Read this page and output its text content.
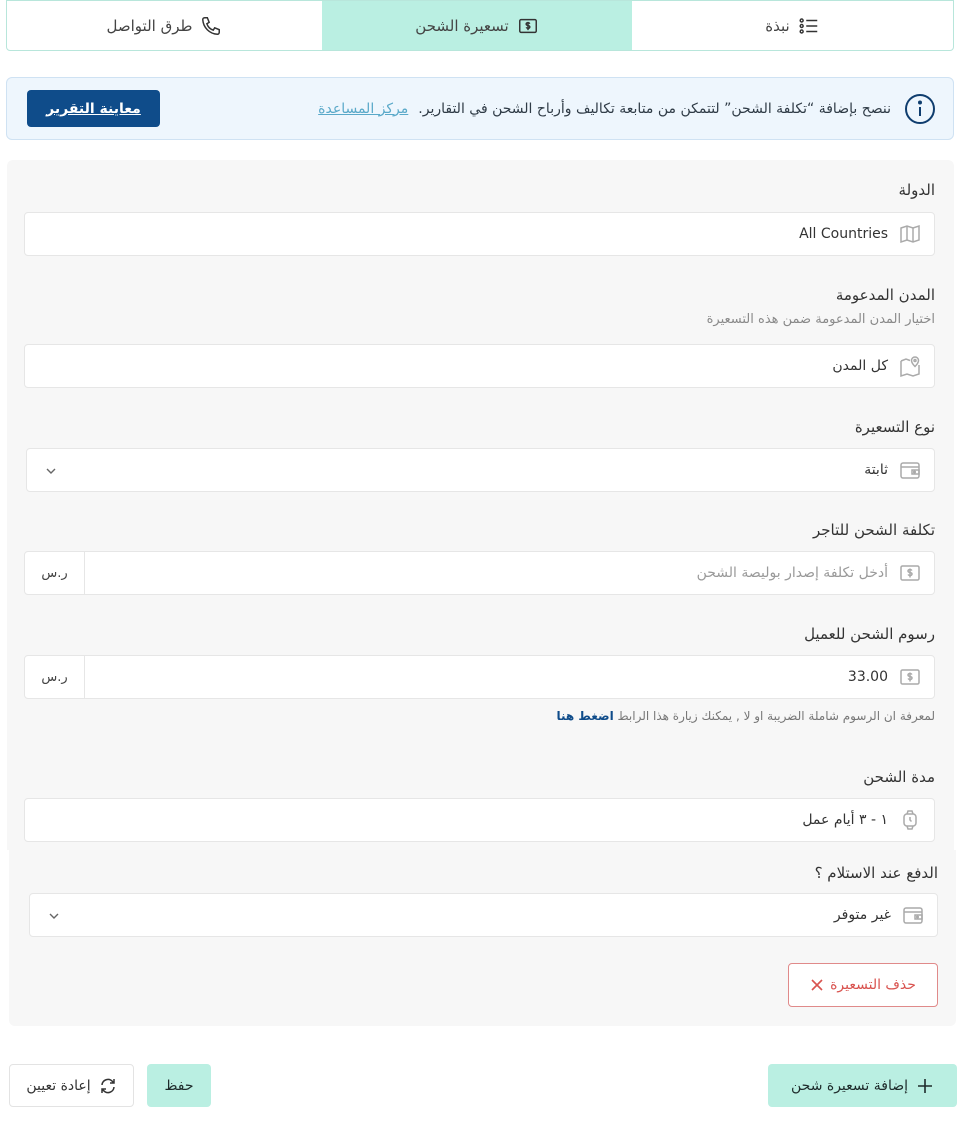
نبذة
تسعيرة الشحن
طرق التواصل
ننصح بإضافة “تكلفة الشحن” لتتمكن من متابعة تكاليف وأرباح الشحن في التقارير.
مركز المساعدة
معاينة التقرير
الدولة
All Countries
المدن المدعومة
اختيار المدن المدعومة ضمن هذه التسعيرة
كل المدن
نوع التسعيرة
ثابتة
تكلفة الشحن للتاجر
أدخل تكلفة إصدار بوليصة الشحن
ر.س
رسوم الشحن للعميل
33.00
ر.س
لمعرفة ان الرسوم شاملة الضريبة او لا , يمكنك زيارة هذا الرابط اضغط هنا
مدة الشحن
١ - ٣ أيام عمل
الدفع عند الاستلام ؟
غير متوفر
حذف التسعيرة
إضافة تسعيرة شحن
حفظ
إعادة تعيين
